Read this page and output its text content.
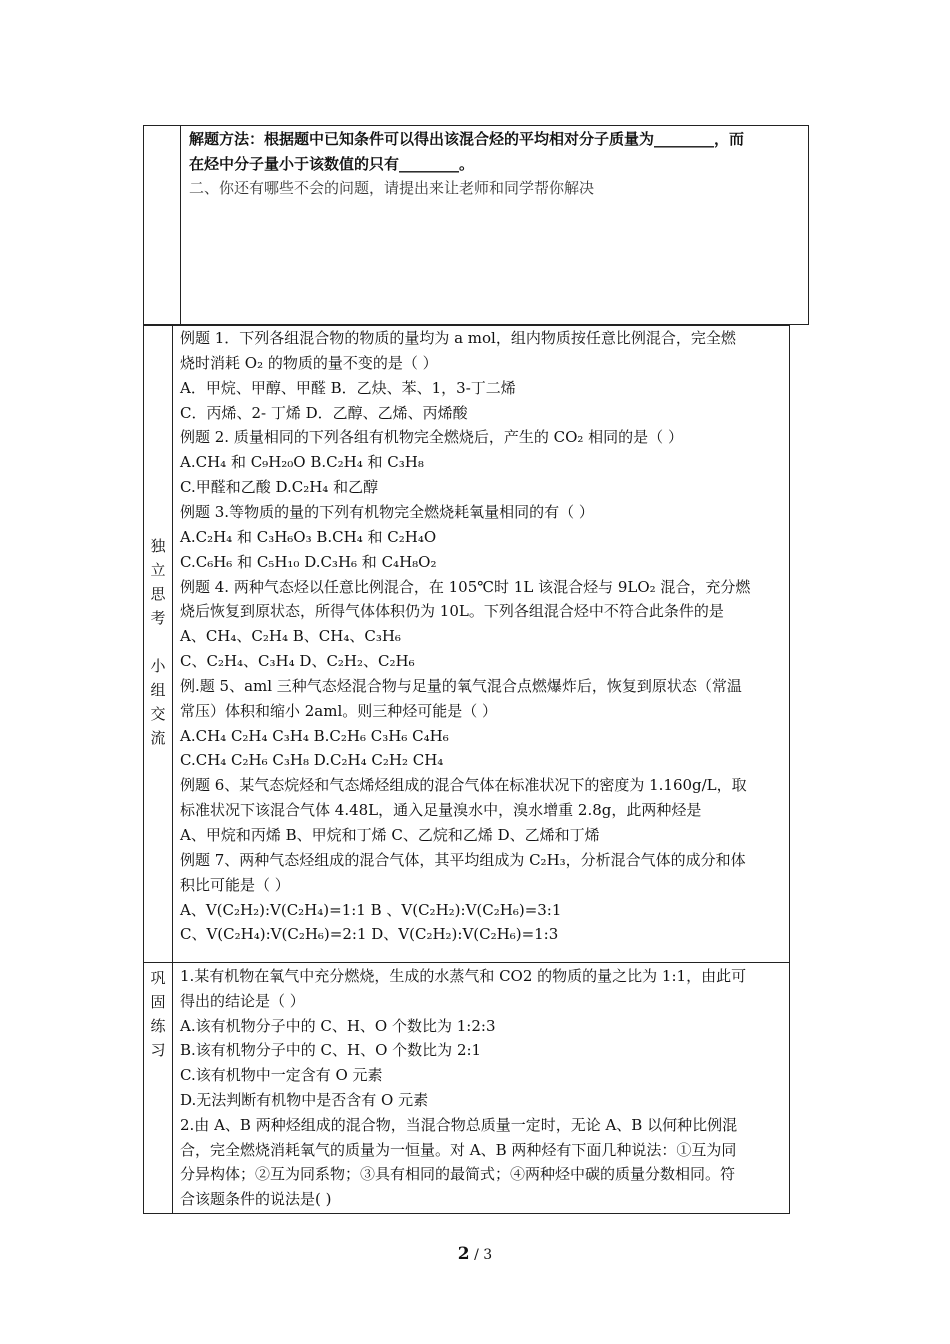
解题方法：根据题中已知条件可以得出该混合烃的平均相对分子质量为________，而
在烃中分子量小于该数值的只有________。
二、你还有哪些不会的问题，请提出来让老师和同学帮你解决
独
立
思
考
小
组
交
流
例题 1．下列各组混合物的物质的量均为 a mol，组内物质按任意比例混合，完全燃
烧时消耗 O₂ 的物质的量不变的是（ ）
A．甲烷、甲醇、甲醛 B．乙炔、苯、1，3-丁二烯
C．丙烯、2- 丁烯 D．乙醇、乙烯、丙烯酸
例题 2. 质量相同的下列各组有机物完全燃烧后，产生的 CO₂ 相同的是（ ）
A.CH₄ 和 C₉H₂₀O B.C₂H₄ 和 C₃H₈
C.甲醛和乙酸 D.C₂H₄ 和乙醇
例题 3.等物质的量的下列有机物完全燃烧耗氧量相同的有（ ）
A.C₂H₄ 和 C₃H₆O₃ B.CH₄ 和 C₂H₄O
C.C₆H₆ 和 C₅H₁₀ D.C₃H₆ 和 C₄H₈O₂
例题 4. 两种气态烃以任意比例混合，在 105℃时 1L 该混合烃与 9LO₂ 混合，充分燃
烧后恢复到原状态，所得气体体积仍为 10L。下列各组混合烃中不符合此条件的是
A、CH₄、C₂H₄ B、CH₄、C₃H₆
C、C₂H₄、C₃H₄ D、C₂H₂、C₂H₆
例.题 5、aml 三种气态烃混合物与足量的氧气混合点燃爆炸后，恢复到原状态（常温
常压）体积和缩小 2aml。则三种烃可能是（ ）
A.CH₄ C₂H₄ C₃H₄ B.C₂H₆ C₃H₆ C₄H₆
C.CH₄ C₂H₆ C₃H₈ D.C₂H₄ C₂H₂ CH₄
例题 6、某气态烷烃和气态烯烃组成的混合气体在标准状况下的密度为 1.160g/L，取
标准状况下该混合气体 4.48L，通入足量溴水中，溴水增重 2.8g，此两种烃是
A、甲烷和丙烯 B、甲烷和丁烯 C、乙烷和乙烯 D、乙烯和丁烯
例题 7、两种气态烃组成的混合气体，其平均组成为 C₂H₃，分析混合气体的成分和体
积比可能是（ ）
A、V(C₂H₂):V(C₂H₄)=1:1 B 、V(C₂H₂):V(C₂H₆)=3:1
C、V(C₂H₄):V(C₂H₆)=2:1 D、V(C₂H₂):V(C₂H₆)=1:3
巩
固
练
习
1.某有机物在氧气中充分燃烧，生成的水蒸气和 CO2 的物质的量之比为 1:1，由此可
得出的结论是（ ）
A.该有机物分子中的 C、H、O 个数比为 1:2:3
B.该有机物分子中的 C、H、O 个数比为 2:1
C.该有机物中一定含有 O 元素
D.无法判断有机物中是否含有 O 元素
2.由 A、B 两种烃组成的混合物，当混合物总质量一定时，无论 A、B 以何种比例混
合，完全燃烧消耗氧气的质量为一恒量。对 A、B 两种烃有下面几种说法：①互为同
分异构体；②互为同系物；③具有相同的最简式；④两种烃中碳的质量分数相同。符
合该题条件的说法是( )
2 / 3
